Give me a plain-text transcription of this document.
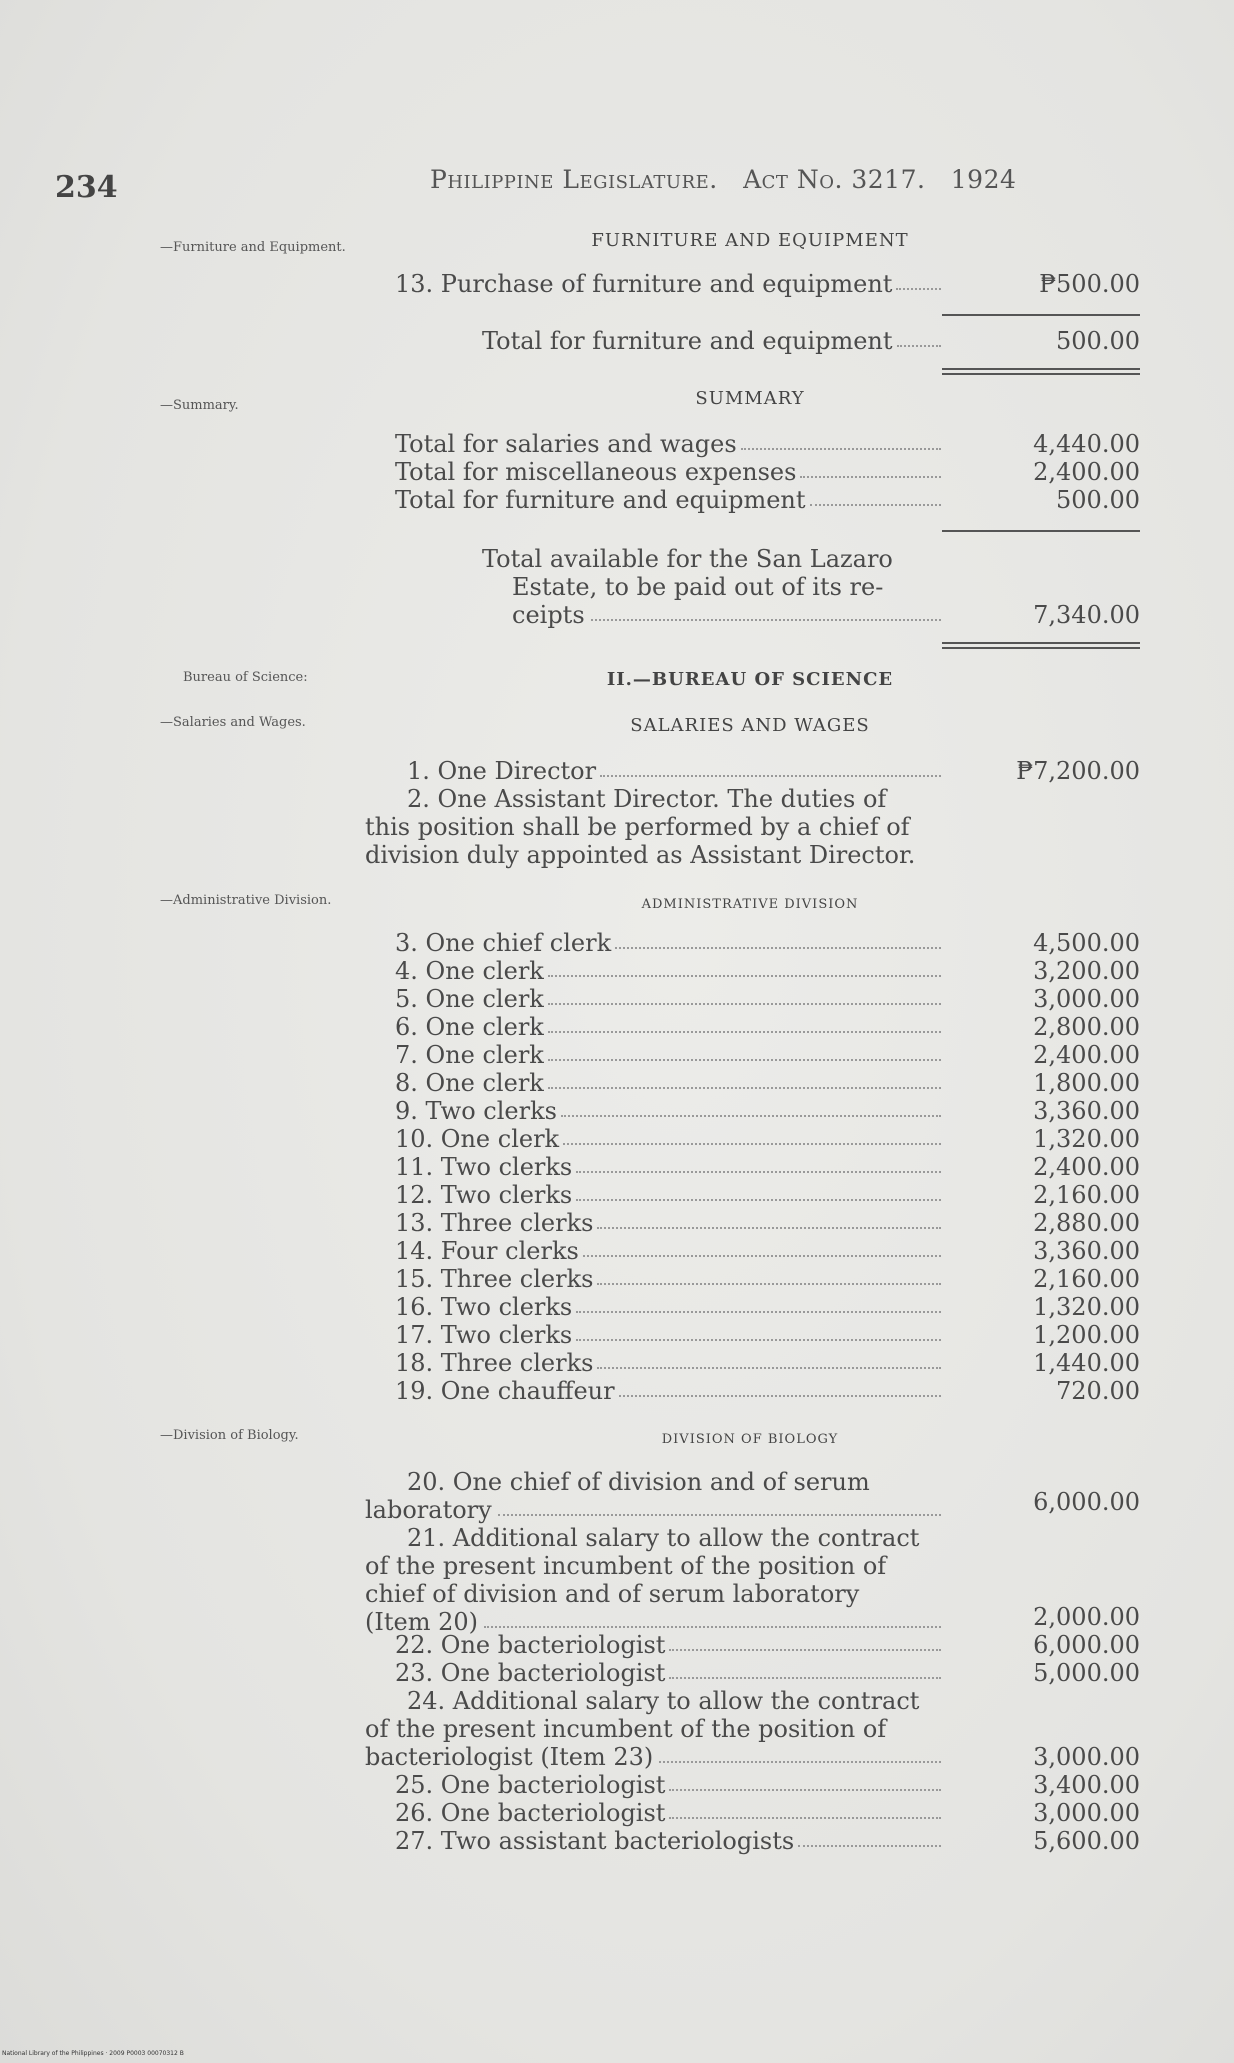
234	Philippine Legislature. Act No. 3217. 1924
—Furniture and Equipment.
—Summary.
Bureau of Science:
—Salaries and Wages.
—Administrative Division.
—Division of Biology.
FURNITURE AND EQUIPMENT
13. Purchase of furniture and equipment	₱500.00
Total for furniture and equipment	500.00
SUMMARY
Total for salaries and wages	4,440.00
Total for miscellaneous expenses	2,400.00
Total for furniture and equipment	500.00
Total available for the San Lazaro
Estate, to be paid out of its re-
ceipts	7,340.00
II.—BUREAU OF SCIENCE
SALARIES AND WAGES
1. One Director	₱7,200.00
2. One Assistant Director. The duties of
this position shall be performed by a chief of
division duly appointed as Assistant Director.
ADMINISTRATIVE DIVISION
3. One chief clerk	4,500.00
4. One clerk	3,200.00
5. One clerk	3,000.00
6. One clerk	2,800.00
7. One clerk	2,400.00
8. One clerk	1,800.00
9. Two clerks	3,360.00
10. One clerk	1,320.00
11. Two clerks	2,400.00
12. Two clerks	2,160.00
13. Three clerks	2,880.00
14. Four clerks	3,360.00
15. Three clerks	2,160.00
16. Two clerks	1,320.00
17. Two clerks	1,200.00
18. Three clerks	1,440.00
19. One chauffeur	720.00
DIVISION OF BIOLOGY
20. One chief of division and of serum
laboratory	6,000.00
21. Additional salary to allow the contract
of the present incumbent of the position of
chief of division and of serum laboratory
(Item 20)	2,000.00
22. One bacteriologist	6,000.00
23. One bacteriologist	5,000.00
24. Additional salary to allow the contract
of the present incumbent of the position of
bacteriologist (Item 23)	3,000.00
25. One bacteriologist	3,400.00
26. One bacteriologist	3,000.00
27. Two assistant bacteriologists	5,600.00
National Library of the Philippines · 2009 P0003 00070312 B
